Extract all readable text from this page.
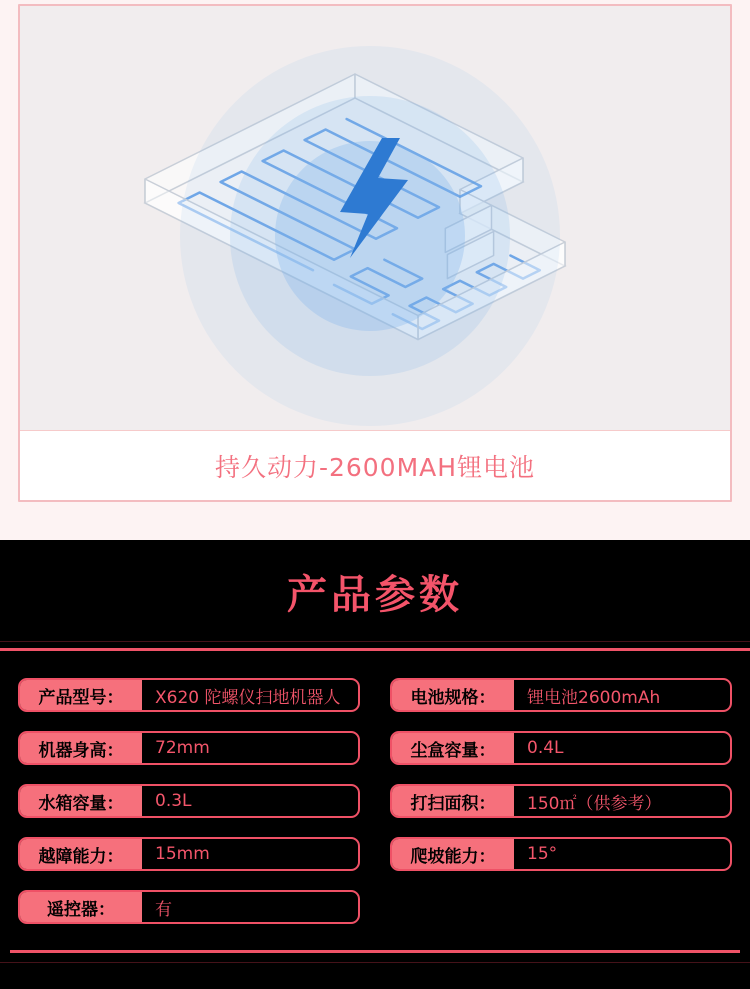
持久动力-2600MAH锂电池
产品参数
产品型号：	X620 陀螺仪扫地机器人	电池规格：	锂电池2600mAh
机器身高：	72mm	尘盒容量：	0.4L
水箱容量：	0.3L	打扫面积：	150㎡（供参考）
越障能力：	15mm	爬坡能力：	15°
遥控器：	有
